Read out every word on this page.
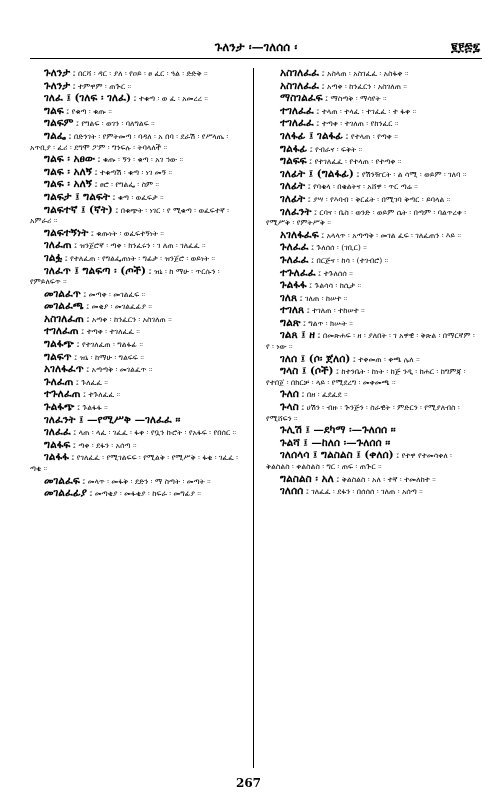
ጉለንታ ፡—ገለሰሰ ፡	፪፻፷፯

ጉለንታ ፤ በርሻ ፡ ዳር ፡ ያለ ፡ የዐይ ፡ ፀ ፈር ፡ ጓል ፡ ድድቅ ።

ጉለንታ ፤ ተምዋም ፡ ጠጕር ።

ገለፈ ፤ (ገለፍ ፡ ገለፈ) ፤ ተቁጣ ፡ ወ ፈ ፡ አመረረ ።

ግልፍ ፤ የቁጣ ፡ ቁጡ ።

ግልፍም ፤ የግልፍ ፡ ወገን ፡ ባለግልፍ ።

ግልፌ ፤ በድንገት ፡ የምትመጣ ፡ ባዳለ ፡ አ በባ ፡ ደራሽ ፡ የሥላጤ ፡ አጥቢያ ፡ ፈሪ ፡ ደግሞ ፖም ፡ ግንፍሉ ፡ ትባላለች ።

ግልፍ ፡ አፀው ፤ ቁጡ ፡ ኝን ፡ ቁጣ ፡ አገ ኅው ።

ግልፍ ፡ አለኝ ፤ ተቁጣሽ ፡ ቁጣ ፡ ነገ መኝ ።

ግልፍ ፡ አለኝ ፤ ፀሮ ፡ የግልፌ ፡ ስም ።

ግልፍታ ፤ ግልፍት ፤ ቁጣ ፡ ወፈፍታ ።

ግልፍተኛ ፤ (ኛት) ፤ በቁጭት ፡ ነገር ፡ የ ሚቁጣ ፡ ወፈፍተኛ ፡ አምራሪ ።

ግልፍተኝነት ፤ ቁጡነት ፡ ወፈፍተኝነት ።

ገለፈጠ ፤ ዝንጀሮኛ ፡ ጣቀ ፡ ክንፈሩን ፡ ገ ለጠ ፡ ገለፈፈ ።

ገልፏ ፤ የተለፈጠ ፡ የግልፌጠነት ፡ ግፊታ ፡ ዝንጀሮ ፡ ወይነት ።

ገለፈጥ ፤ ግልፍጣ ፡ (ጦች) ፤ ዝኒ ፡ ከ ማሁ ፡ ጥርሱን ፡ የምይለፍጥ ።

መገልፈጥ ፤ መጣቀ ፡ መገልፈፍ ።

መገልፈጫ ፤ መቂያ ፡ መገልፈፊያ ።

አስገለፈጠ ፤ አጣቀ ፡ ከንፈርን ፡ አስገለጠ ።

ተገለፈጠ ፤ ተጣቀ ፡ ተገለፈፈ ።

ግልፋጭ ፤ የተገለፈጠ ፡ ግልፋፊ ።

ግልፍጥ ፤ ዝኒ ፡ ከማሁ ፡ ግልፍፍ ።

አገለፋፈጥ ፤ አጣጣቅ ፡ መገልፈጥ ።

ጉለፈጠ ፤ ጉለፈፈ ።

ተጉለፈጠ ፤ ተጉለፈፈ ።

ጉልፋጭ ፤ ጉልፋፋ ።

ገለፈንት ፤ —የሚሥቅ —ገለፈፈ ።

ገለፈፈ ፤ ላጠ ፡ ላፈ ፡ ገፈፈ ፡ ፋቀ ፡ የቧን ኩሮት ፡ የአፋፍ ፡ የበሰር ።

ግልፋፍ ፤ ጣቀ ፡ ደፋን ፡ አሰጣ ።

ገልፋፋ ፤ የገለፈፈ ፡ የሚገልፍፍ ፡ የሚልቅ ፡ የሚሥቅ ፡ ፋቂ ፡ ገፈፈ ፡ ጣቂ ።

መገልፈፍ ፤ መላጥ ፡ መፋቅ ፡ ደድን ፡ ማ ስጣት ፡ መጣት ።

መገልፈፊያ ፤ መጣቂያ ፡ መፋቂያ ፡ ከፍራ ፡ መግፊያ ።

አስገለፈፈ ፤ አስላጠ ፡ አስገፈፈ ፡ አስፋቀ ።

አስገለፈፈ ፤ አጣቀ ፡ ከንፈርን ፡ አስገለጠ ።

ማስገልፈፍ ፤ ማስጣቅ ፡ ማሳየት ።

ተገለፈፈ ፤ ተላጠ ፡ ተላፈ ፡ ተገፈፈ ፡ ተ ፋቀ ።

ተገለፈፈ ፤ ተጣቀ ፡ ተገለጠ ፡ የከንፈር ።

ገለፋፊ ፤ ገልፋፊ ፤ የተላጠ ፡ የጣቀ ።

ግልፋፊ ፤ የብራና ፡ ፍቅት ።

ግልፍፍ ፤ የተገለፈፈ ፡ የተላጠ ፡ የተጣቀ ።

ገለፊት ፤ (ግልፋፊ) ፤ የሽንዥርት ፡ ል ሳሚ ፡ ወይም ፡ ገለባ ።

ገለፊት ፤ የባቄላ ፡ በቄልትና ፡ አሸዋ ፡ ጥር ጣሬ ።

ገለፊት ፤ ያሣ ፡ የእባብ ፡ ቅርፊት ፡ በሚገባ ቅጣር ፡ ይባላል ።

ገለፈንት ፤ ርባና ፡ ቤስ ፡ ወንድ ፡ ወይም ሴት ፡ በጣም ፡ ባልጥረቀ ፡ የሚሥቅ ፡ የምትሥቅ ።

አገለፋፈፍ ፤ አላላጥ ፡ አጣጣቅ ፡ መገል ፈፍ ፡ ገለፈጠን ፡ እይ ።

ጉለፈፈ ፤ ጉለሰሰ ፡ (ገቢር) ።

ጉለፈፈ ፤ በርጅና ፡ ከሳ ፡ (ተገብሮ) ።

ተጉለፈፈ ፤ ተጉለሰሰ ።

ጉልፋፋ ፤ ጉልሳሳ ፡ ከሲታ ።

ገለጸ ፤ ገለጠ ፡ ከሠተ ።

ተገለጸ ፤ ተገለጠ ፡ ተከሠተ ።

ግልጽ ፤ ግልጥ ፡ ክሡት ።

ገልጸ ፤ ዘ ፤ በመጽሐፍ ፡ ዘ ፡ ያለበት ፡ ገ አዋዊ ፡ ቅጽል ፡ በማርኛም ፡ የ ፡ ነው ።

ገለሰ ፤ (ሶ፡ ጀለሰ) ፤ ተቀመጠ ፡ ቀጫ ሌለ ።

ግላስ ፤ (ሶች) ፤ ከተንቤት ፡ ከነት ፡ ከጅ ንዲ ፡ ከሐር ፡ ከግምጃ ፡ የተበጀ ፡ በክርቻ ፡ ላይ ፡ የሚደረግ ፡ መቀመጫ ።

ጉለሰ ፤ በዘ ፡ ፈደፈደ ።

ጉላስ ፤ ሀሽን ፡ ብዙ ፡ ጕንጅን ፡ ስራዊት ፡ ምድርን ፡ የሚያለብስ ፡ የሚሸፍን ።

ጉሊሽ ፤ —ደካማ ፡—ጉለሰሰ ።

ጉልሻ ፤ —ከለሰ ፡—ጉለሰሰ ።

ገለሰላሳ ፤ ግልስልስ ፤ (ቀለሰ) ፤ የተዋ የተመሳቀለ ፡ ቅልስልስ ፡ ቀልስልስ ፡ ግር ፡ ጠፍ ፡ ጠጕር ።

ግልስልስ ፡ አለ ፤ ቅልስልስ ፡ አለ ፡ ተኛ ፡ ተመለከተ ።

ገለሰሰ ፤ ገለፈፈ ፡ ደፋን ፡ በሰሰሰ ፡ ገለጠ ፡ አሰጣ ።

267
